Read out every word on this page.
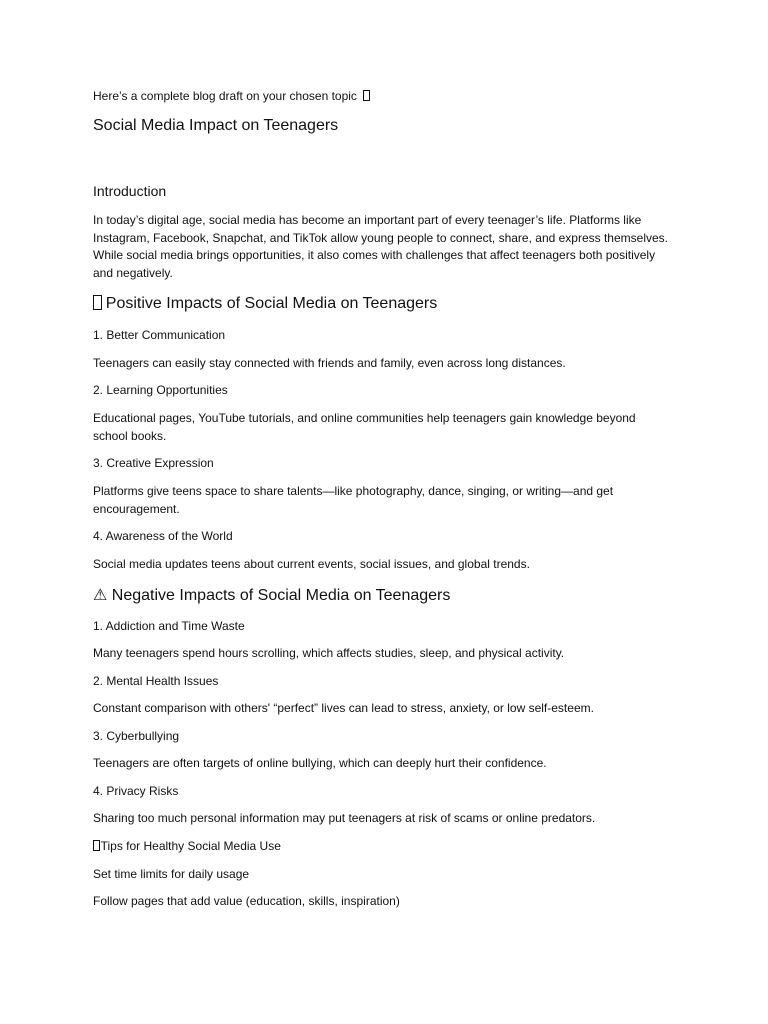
Here’s a complete blog draft on your chosen topic
Social Media Impact on Teenagers
Introduction
In today’s digital age, social media has become an important part of every teenager’s life. Platforms like Instagram, Facebook, Snapchat, and TikTok allow young people to connect, share, and express themselves. While social media brings opportunities, it also comes with challenges that affect teenagers both positively and negatively.
Positive Impacts of Social Media on Teenagers
1. Better Communication
Teenagers can easily stay connected with friends and family, even across long distances.
2. Learning Opportunities
Educational pages, YouTube tutorials, and online communities help teenagers gain knowledge beyond school books.
3. Creative Expression
Platforms give teens space to share talents—like photography, dance, singing, or writing—and get encouragement.
4. Awareness of the World
Social media updates teens about current events, social issues, and global trends.
⚠ Negative Impacts of Social Media on Teenagers
1. Addiction and Time Waste
Many teenagers spend hours scrolling, which affects studies, sleep, and physical activity.
2. Mental Health Issues
Constant comparison with others' “perfect” lives can lead to stress, anxiety, or low self-esteem.
3. Cyberbullying
Teenagers are often targets of online bullying, which can deeply hurt their confidence.
4. Privacy Risks
Sharing too much personal information may put teenagers at risk of scams or online predators.
Tips for Healthy Social Media Use
Set time limits for daily usage
Follow pages that add value (education, skills, inspiration)
